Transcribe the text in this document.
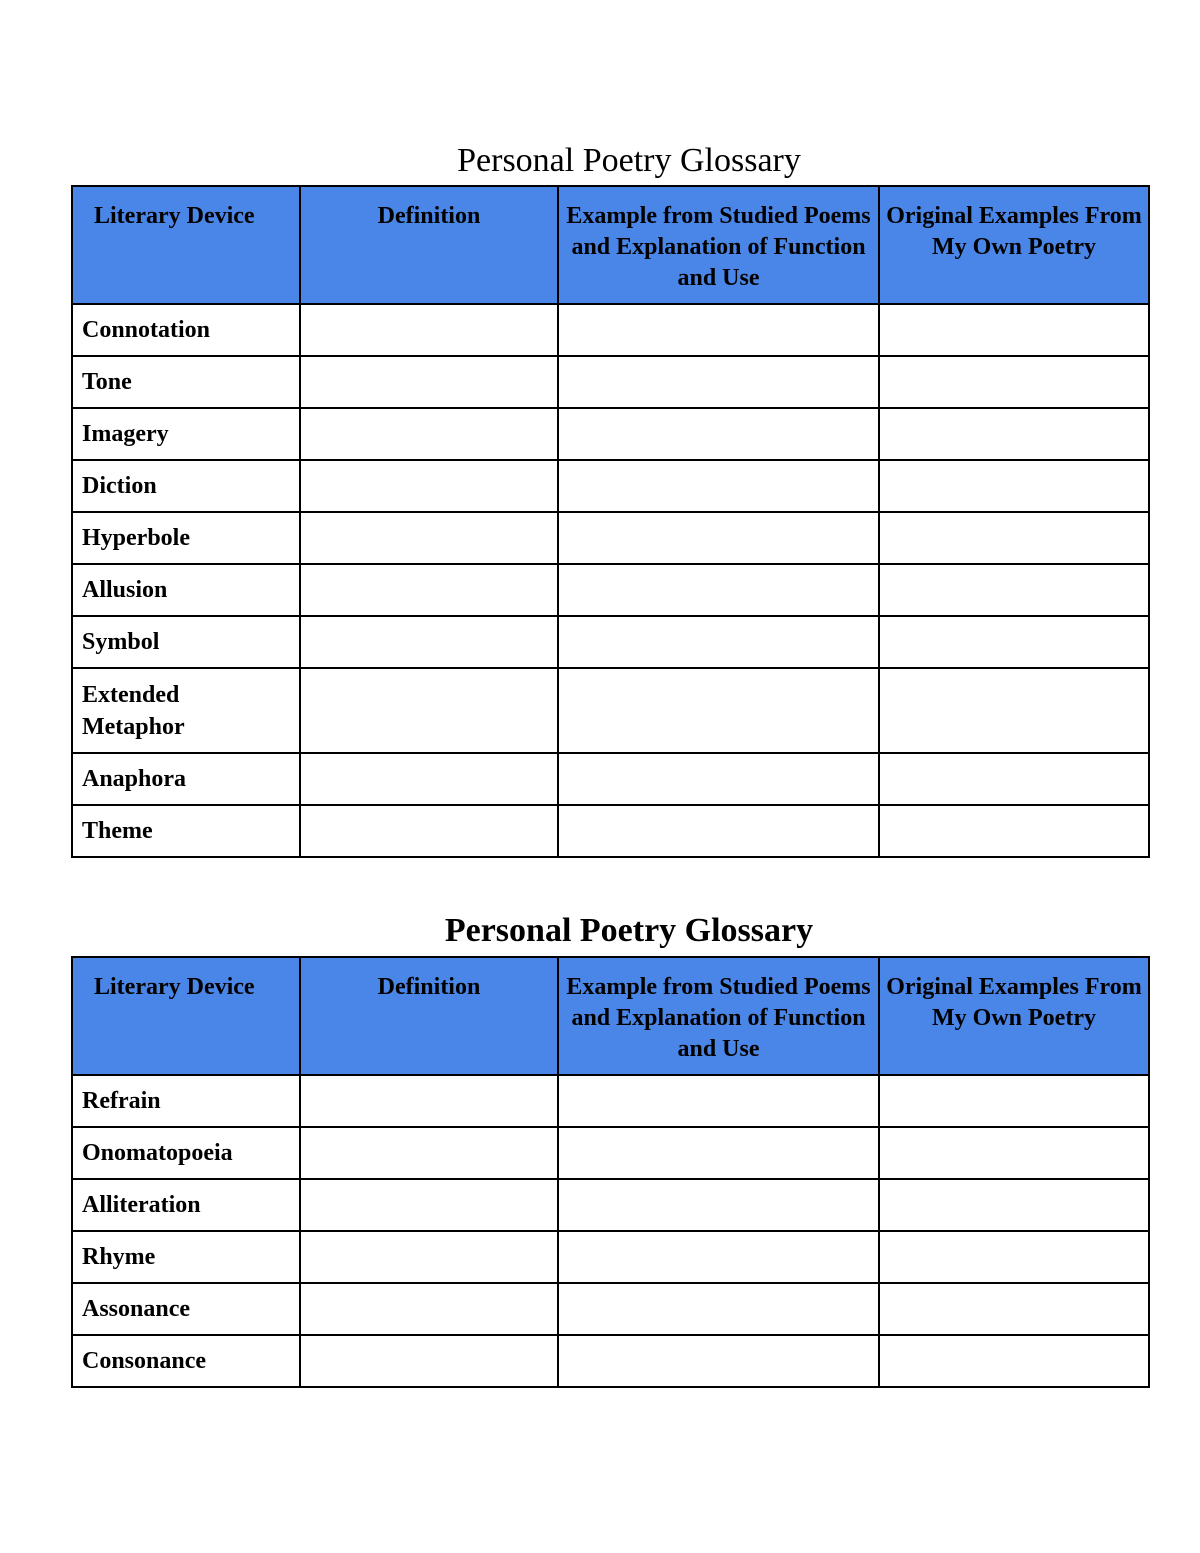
Personal Poetry Glossary
Literary Device	Definition	Example from Studied Poems and Explanation of Function and Use	Original Examples From My Own Poetry
Connotation			
Tone			
Imagery			
Diction			
Hyperbole			
Allusion			
Symbol			
Extended Metaphor			
Anaphora			
Theme			
Personal Poetry Glossary
Literary Device	Definition	Example from Studied Poems and Explanation of Function and Use	Original Examples From My Own Poetry
Refrain			
Onomatopoeia			
Alliteration			
Rhyme			
Assonance			
Consonance			
